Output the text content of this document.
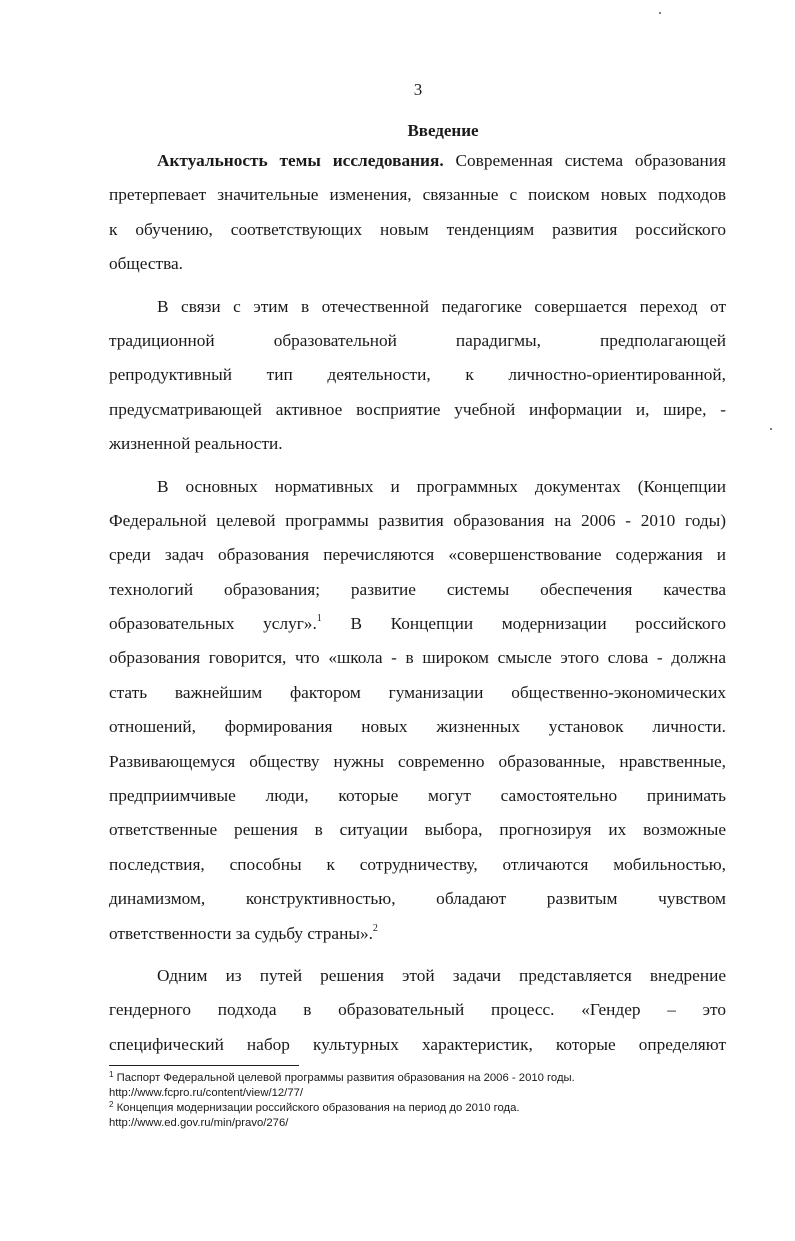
3
Введение
Актуальность темы исследования. Современная система образования
претерпевает значительные изменения, связанные с поиском новых подходов
к обучению, соответствующих новым тенденциям развития российского
общества.
В связи с этим в отечественной педагогике совершается переход от
традиционной образовательной парадигмы, предполагающей
репродуктивный тип деятельности, к личностно-ориентированной,
предусматривающей активное восприятие учебной информации и, шире, -
жизненной реальности.
В основных нормативных и программных документах (Концепции
Федеральной целевой программы развития образования на 2006 - 2010 годы)
среди задач образования перечисляются «совершенствование содержания и
технологий образования; развитие системы обеспечения качества
образовательных услуг».$^1$ В Концепции модернизации российского
образования говорится, что «школа - в широком смысле этого слова - должна
стать важнейшим фактором гуманизации общественно-экономических
отношений, формирования новых жизненных установок личности.
Развивающемуся обществу нужны современно образованные, нравственные,
предприимчивые люди, которые могут самостоятельно принимать
ответственные решения в ситуации выбора, прогнозируя их возможные
последствия, способны к сотрудничеству, отличаются мобильностью,
динамизмом, конструктивностью, обладают развитым чувством
ответственности за судьбу страны».$^2$
Одним из путей решения этой задачи представляется внедрение
гендерного подхода в образовательный процесс. «Гендер – это
специфический набор культурных характеристик, которые определяют
$^1$ Паспорт Федеральной целевой программы развития образования на 2006 - 2010 годы.
http://www.fcpro.ru/content/view/12/77/
$^2$ Концепция модернизации российского образования на период до 2010 года.
http://www.ed.gov.ru/min/pravo/276/
